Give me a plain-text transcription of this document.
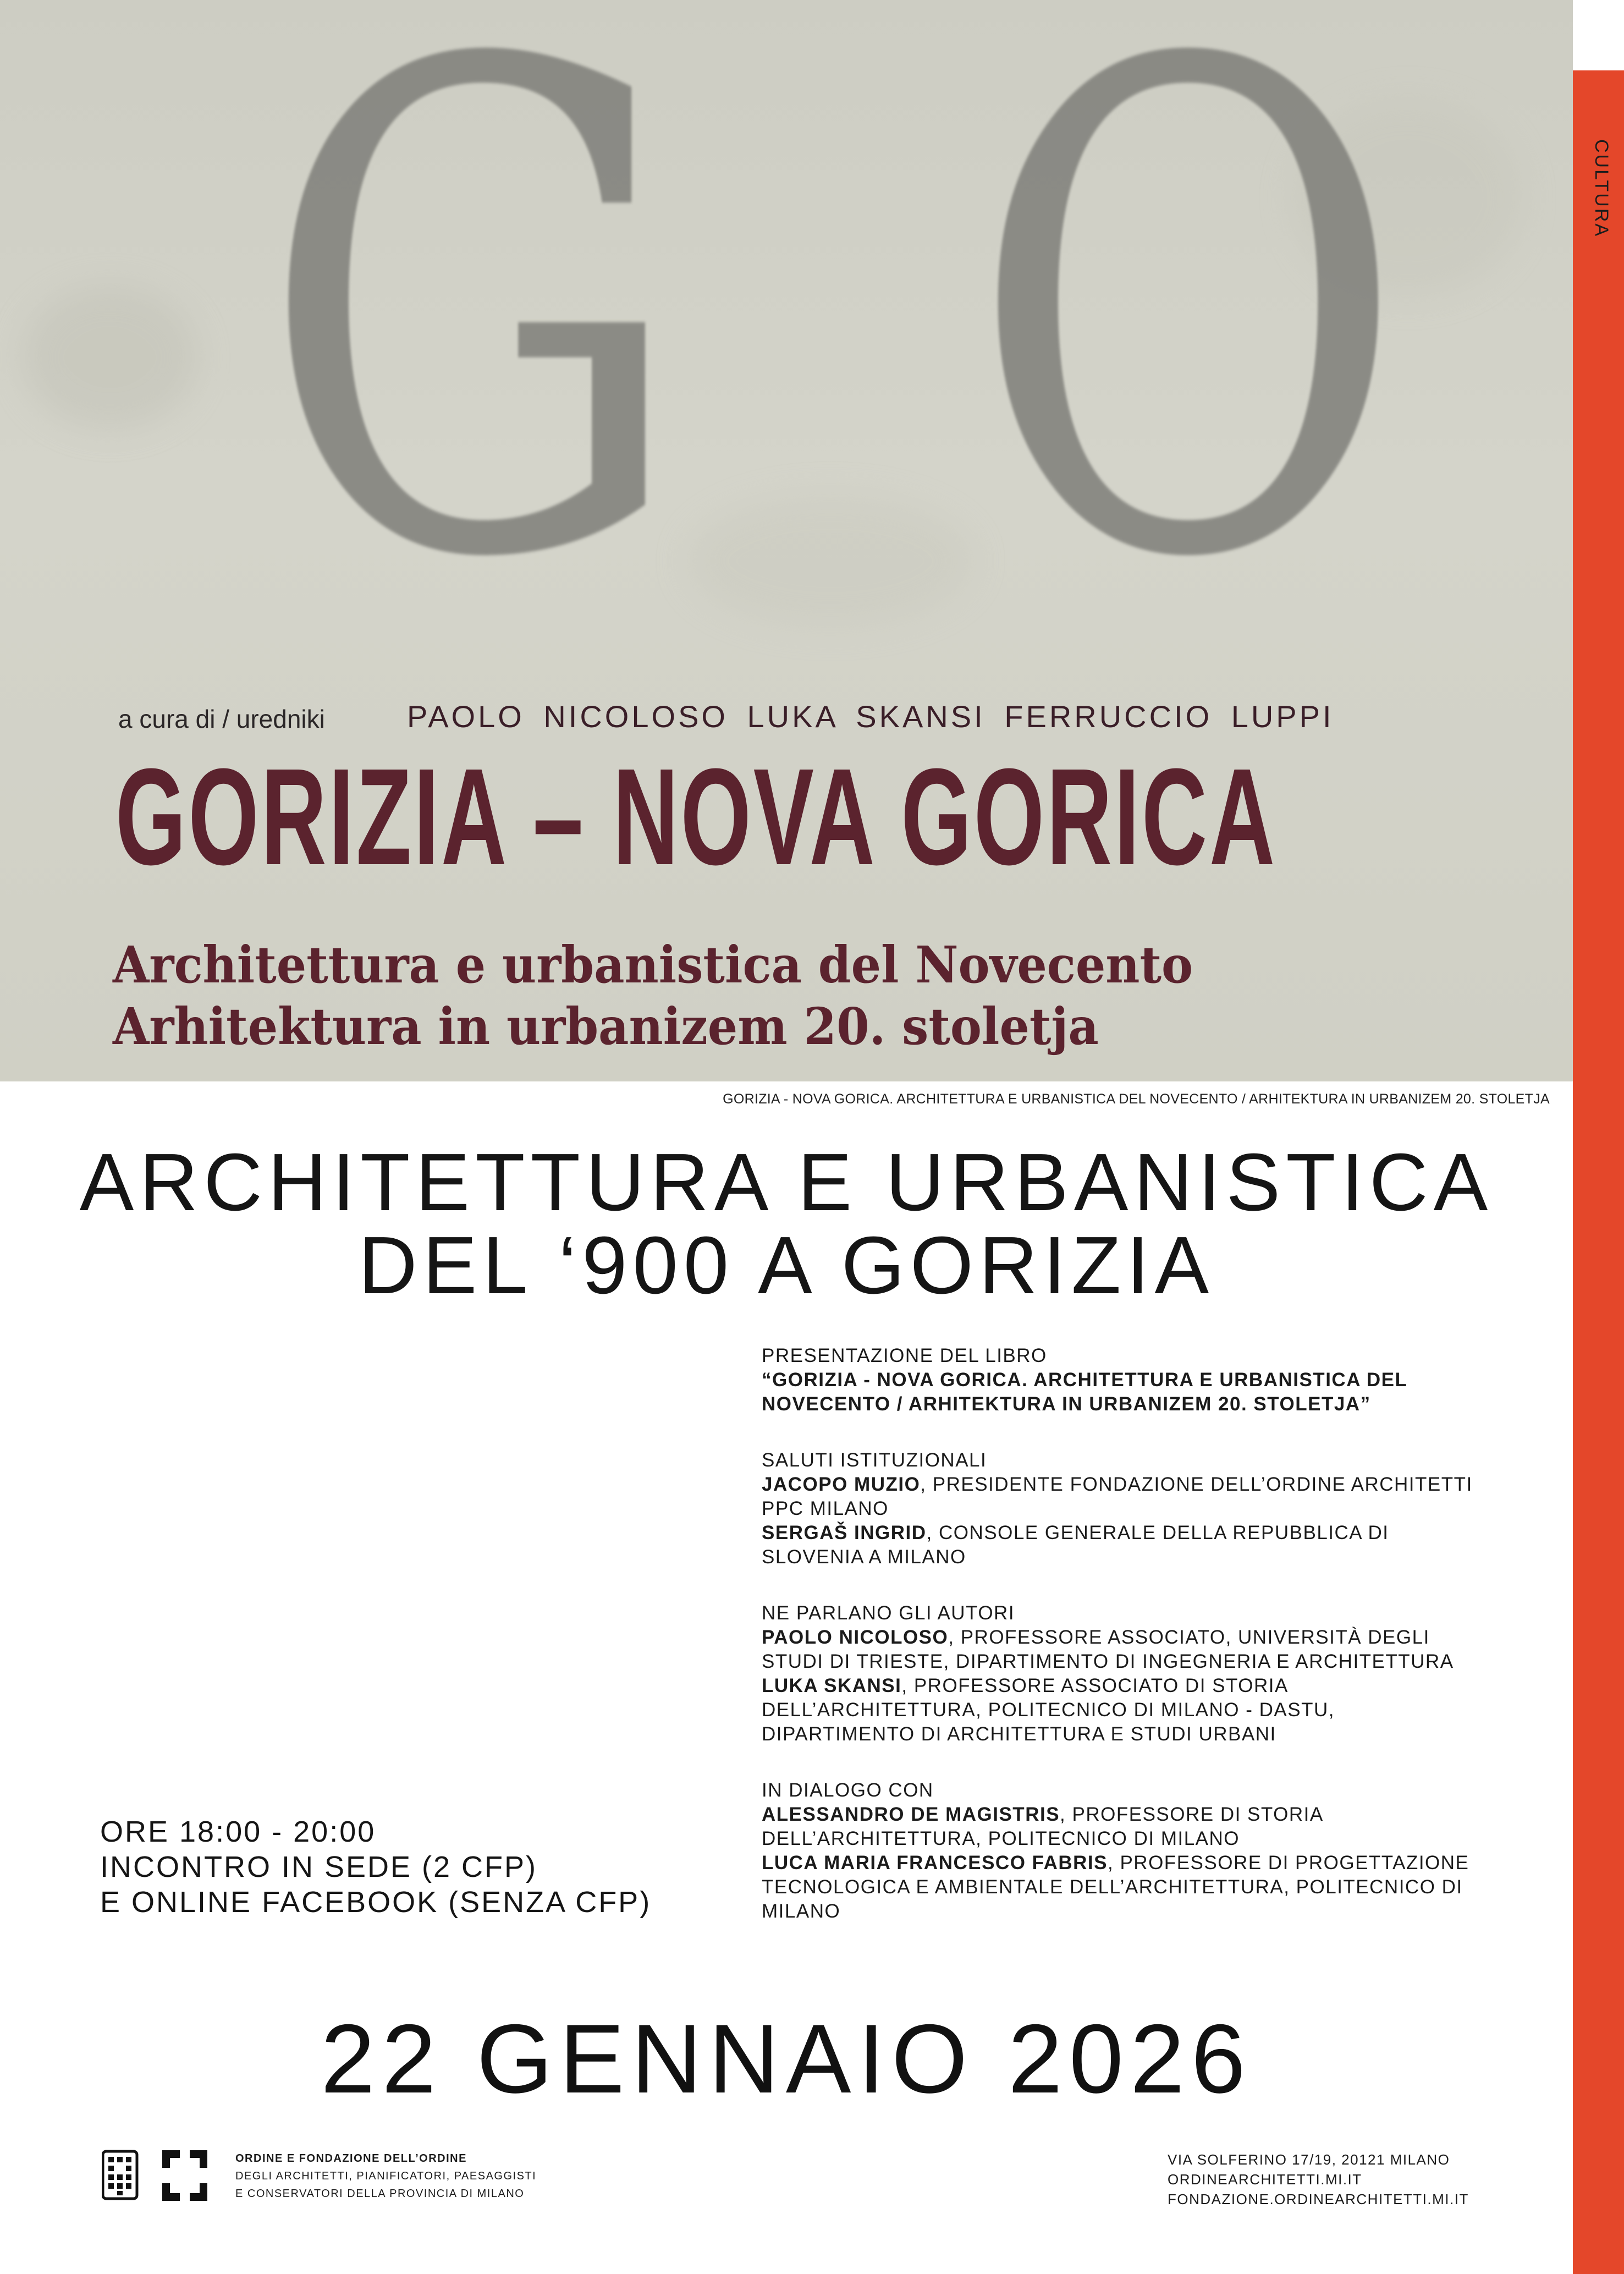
G O
a cura di / uredniki	PAOLO NICOLOSO LUKA SKANSI FERRUCCIO LUPPI
GORIZIA – NOVA GORICA
Architettura e urbanistica del Novecento
Arhitektura in urbanizem 20. stoletja
GORIZIA - NOVA GORICA. ARCHITETTURA E URBANISTICA DEL NOVECENTO / ARHITEKTURA IN URBANIZEM 20. STOLETJA
CULTURA
ARCHITETTURA E URBANISTICA
DEL ‘900 A GORIZIA

PRESENTAZIONE DEL LIBRO
“GORIZIA - NOVA GORICA. ARCHITETTURA E URBANISTICA DEL NOVECENTO / ARHITEKTURA IN URBANIZEM 20. STOLETJA”

SALUTI ISTITUZIONALI
JACOPO MUZIO, PRESIDENTE FONDAZIONE DELL’ORDINE ARCHITETTI PPC MILANO
SERGAŠ INGRID, CONSOLE GENERALE DELLA REPUBBLICA DI SLOVENIA A MILANO

NE PARLANO GLI AUTORI
PAOLO NICOLOSO, PROFESSORE ASSOCIATO, UNIVERSITÀ DEGLI STUDI DI TRIESTE, DIPARTIMENTO DI INGEGNERIA E ARCHITETTURA
LUKA SKANSI, PROFESSORE ASSOCIATO DI STORIA DELL’ARCHITETTURA, POLITECNICO DI MILANO - DASTU, DIPARTIMENTO DI ARCHITETTURA E STUDI URBANI

IN DIALOGO CON
ALESSANDRO DE MAGISTRIS, PROFESSORE DI STORIA DELL’ARCHITETTURA, POLITECNICO DI MILANO
LUCA MARIA FRANCESCO FABRIS, PROFESSORE DI PROGETTAZIONE TECNOLOGICA E AMBIENTALE DELL’ARCHITETTURA, POLITECNICO DI MILANO

ORE 18:00 - 20:00
INCONTRO IN SEDE (2 CFP)
E ONLINE FACEBOOK (SENZA CFP)
22 GENNAIO 2026
ORDINE E FONDAZIONE DELL’ORDINE
DEGLI ARCHITETTI, PIANIFICATORI, PAESAGGISTI
E CONSERVATORI DELLA PROVINCIA DI MILANO
VIA SOLFERINO 17/19, 20121 MILANO
ORDINEARCHITETTI.MI.IT
FONDAZIONE.ORDINEARCHITETTI.MI.IT
